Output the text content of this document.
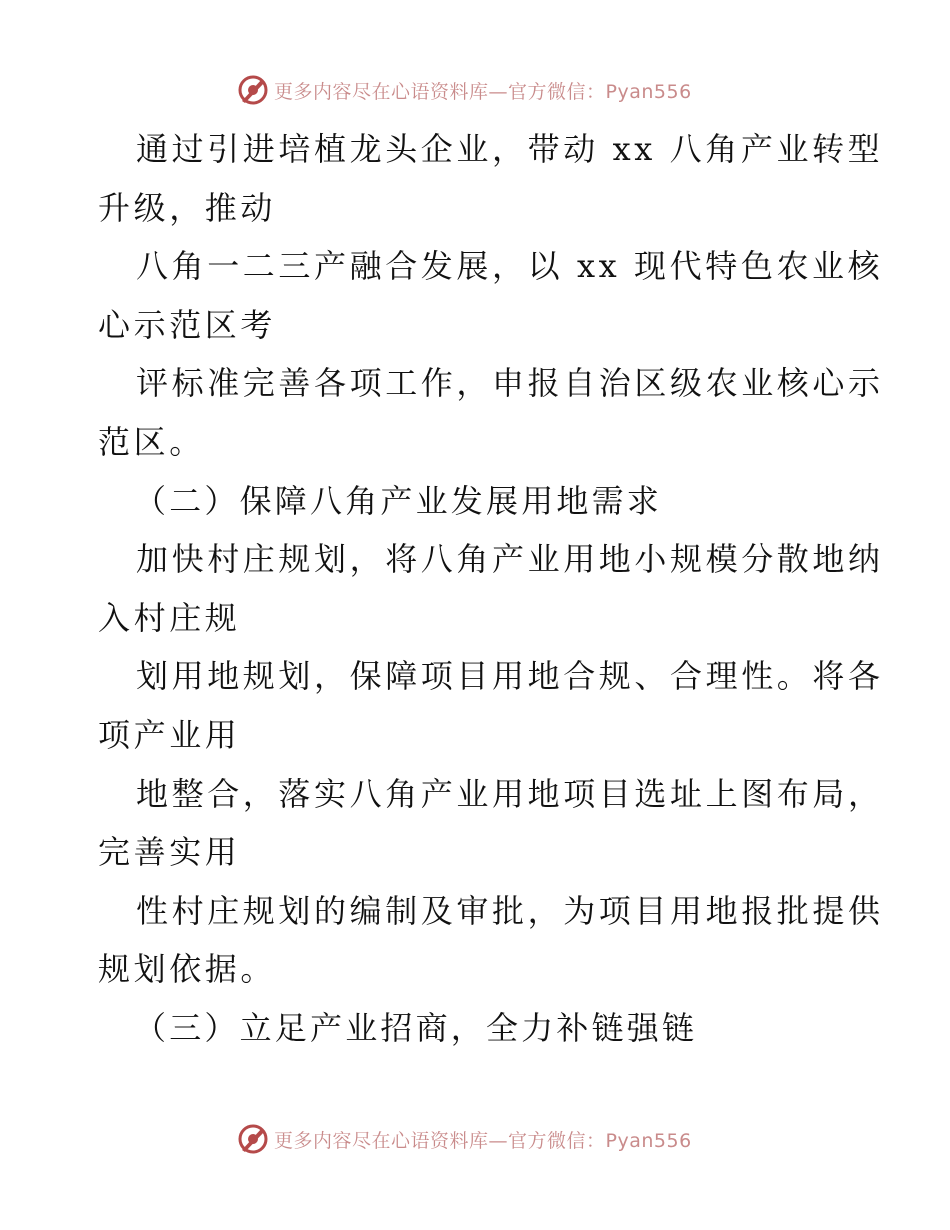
更多内容尽在心语资料库—官方微信：Pyan556
通过引进培植龙头企业，带动 xx 八角产业转型
升级，推动
八角一二三产融合发展，以 xx 现代特色农业核
心示范区考
评标准完善各项工作，申报自治区级农业核心示
范区。
（二）保障八角产业发展用地需求
加快村庄规划，将八角产业用地小规模分散地纳
入村庄规
划用地规划，保障项目用地合规、合理性。将各
项产业用
地整合，落实八角产业用地项目选址上图布局，
完善实用
性村庄规划的编制及审批，为项目用地报批提供
规划依据。
（三）立足产业招商，全力补链强链
更多内容尽在心语资料库—官方微信：Pyan556
